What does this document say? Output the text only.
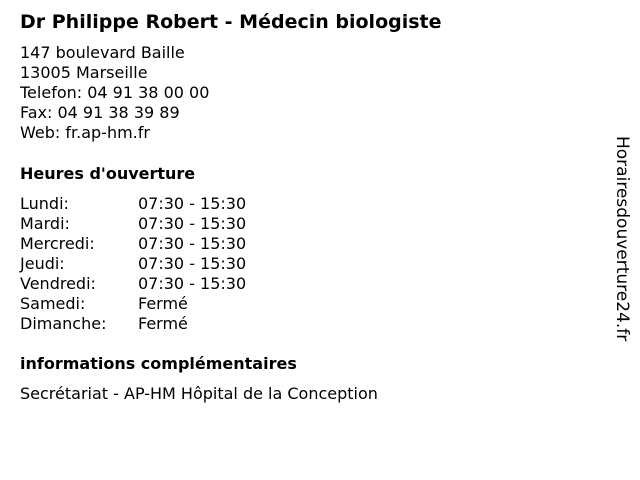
Dr Philippe Robert - Médecin biologiste
147 boulevard Baille
13005 Marseille
Telefon: 04 91 38 00 00
Fax: 04 91 38 39 89
Web: fr.ap-hm.fr
Heures d'ouverture
Lundi:	07:30 - 15:30
Mardi:	07:30 - 15:30
Mercredi:	07:30 - 15:30
Jeudi:	07:30 - 15:30
Vendredi:	07:30 - 15:30
Samedi:	Fermé
Dimanche:	Fermé
informations complémentaires
Secrétariat - AP-HM Hôpital de la Conception
Horairesdouverture24.fr
